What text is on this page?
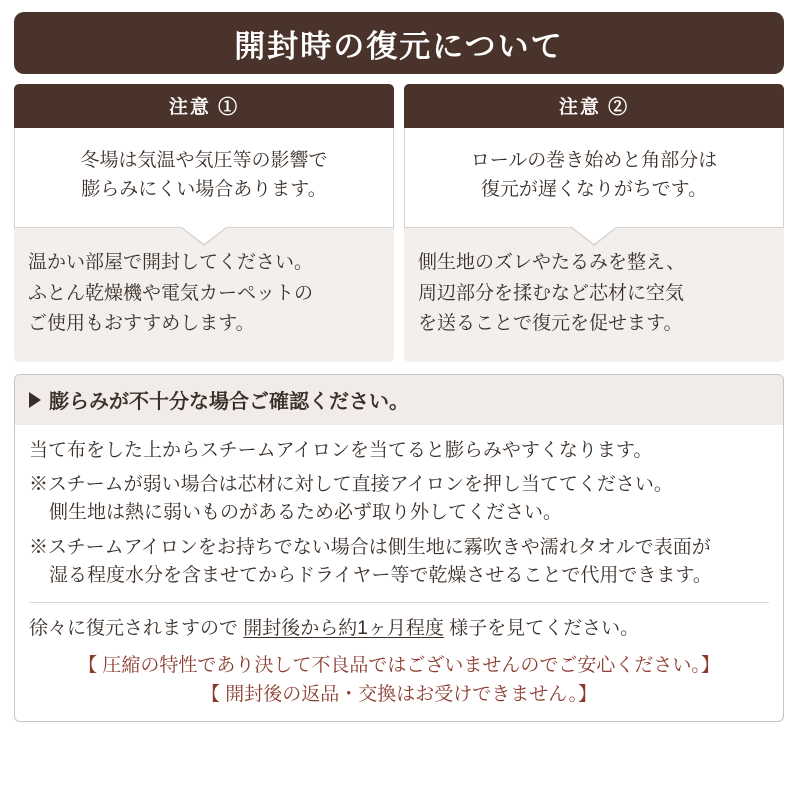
開封時の復元について
注意 ①
冬場は気温や気圧等の影響で
膨らみにくい場合あります。
温かい部屋で開封してください。
ふとん乾燥機や電気カーペットの
ご使用もおすすめします。
注意 ②
ロールの巻き始めと角部分は
復元が遅くなりがちです。
側生地のズレやたるみを整え、
周辺部分を揉むなど芯材に空気
を送ることで復元を促せます。
膨らみが不十分な場合ご確認ください。

当て布をした上からスチームアイロンを当てると膨らみやすくなります。

※スチームが弱い場合は芯材に対して直接アイロンを押し当ててください。
側生地は熱に弱いものがあるため必ず取り外してください。

※スチームアイロンをお持ちでない場合は側生地に霧吹きや濡れタオルで表面が
湿る程度水分を含ませてからドライヤー等で乾燥させることで代用できます。

徐々に復元されますので 開封後から約1ヶ月程度 様子を見てください。
【 圧縮の特性であり決して不良品ではございませんのでご安心ください。】
【 開封後の返品・交換はお受けできません。】
